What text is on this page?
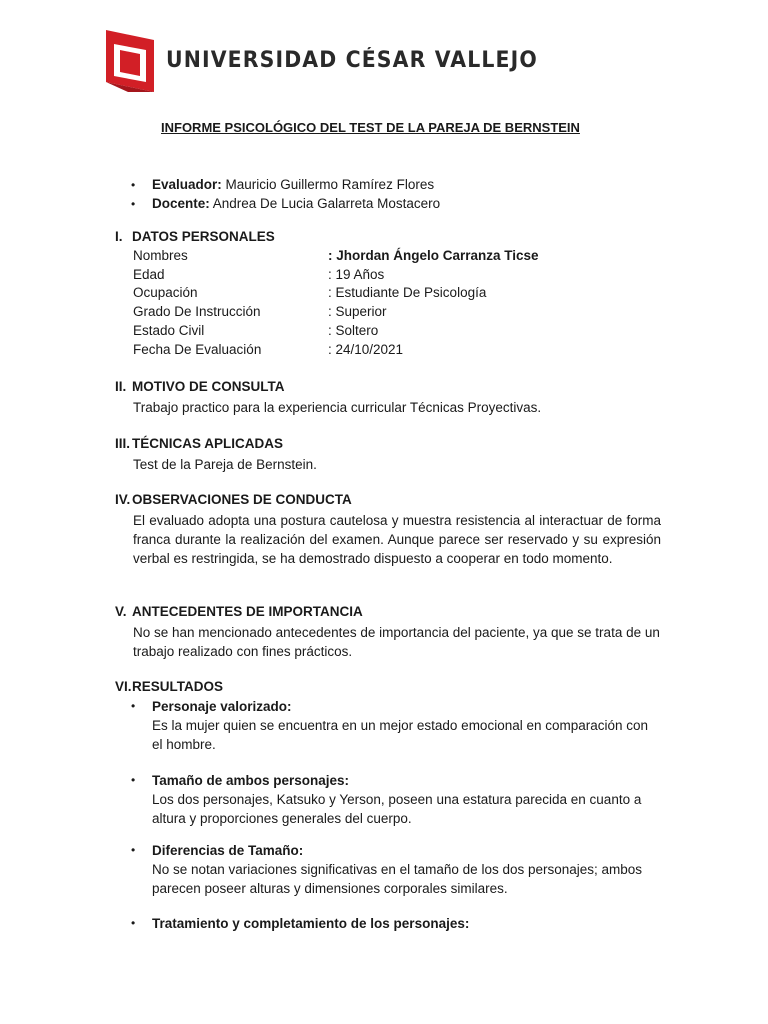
UNIVERSIDAD CÉSAR VALLEJO
INFORME PSICOLÓGICO DEL TEST DE LA PAREJA DE BERNSTEIN
•	Evaluador: Mauricio Guillermo Ramírez Flores
•	Docente: Andrea De Lucia Galarreta Mostacero
I. DATOS PERSONALES
Nombres	: Jhordan Ángelo Carranza Ticse
Edad	: 19 Años
Ocupación	: Estudiante De Psicología
Grado De Instrucción	: Superior
Estado Civil	: Soltero
Fecha De Evaluación	: 24/10/2021
II. MOTIVO DE CONSULTA
Trabajo practico para la experiencia curricular Técnicas Proyectivas.
III. TÉCNICAS APLICADAS
Test de la Pareja de Bernstein.
IV. OBSERVACIONES DE CONDUCTA
El evaluado adopta una postura cautelosa y muestra resistencia al interactuar de forma franca durante la realización del examen. Aunque parece ser reservado y su expresión verbal es restringida, se ha demostrado dispuesto a cooperar en todo momento.
V. ANTECEDENTES DE IMPORTANCIA
No se han mencionado antecedentes de importancia del paciente, ya que se trata de un trabajo realizado con fines prácticos.
VI.RESULTADOS
•	Personaje valorizado:
Es la mujer quien se encuentra en un mejor estado emocional en comparación con el hombre.
•	Tamaño de ambos personajes:
Los dos personajes, Katsuko y Yerson, poseen una estatura parecida en cuanto a altura y proporciones generales del cuerpo.
•	Diferencias de Tamaño:
No se notan variaciones significativas en el tamaño de los dos personajes; ambos parecen poseer alturas y dimensiones corporales similares.
•	Tratamiento y completamiento de los personajes:
